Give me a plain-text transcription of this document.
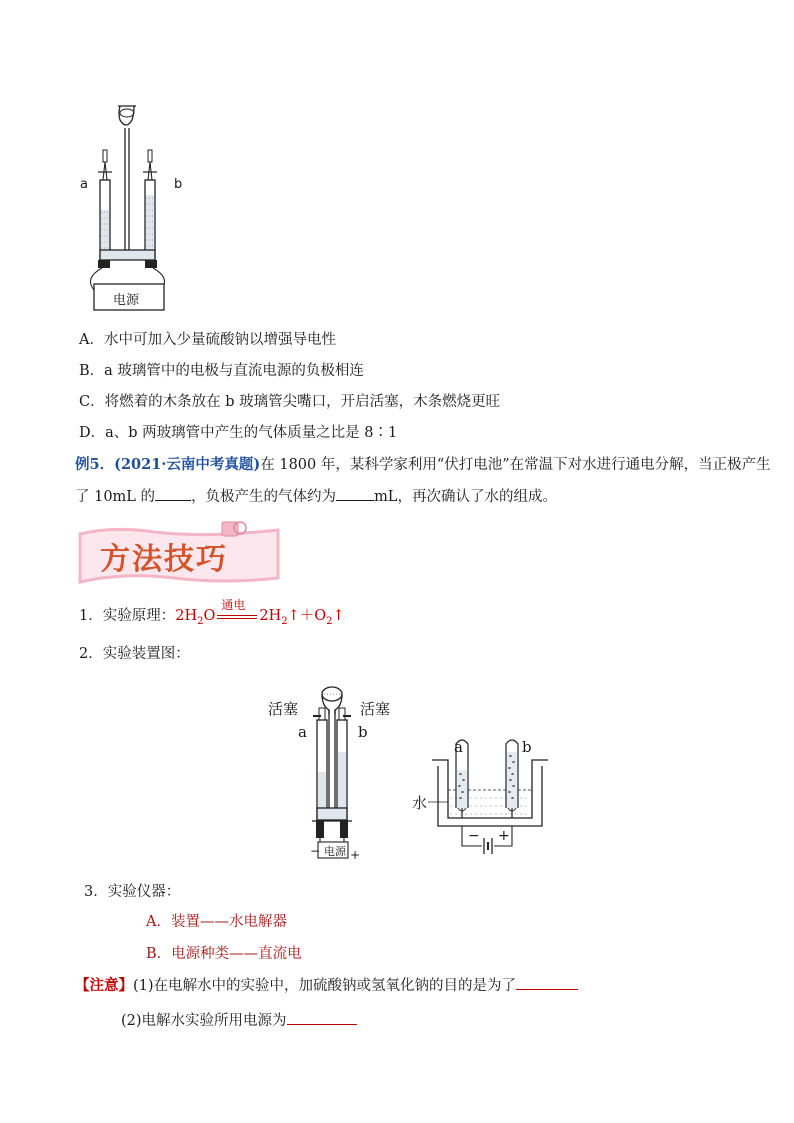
a	b
电源
A．水中可加入少量硫酸钠以增强导电性
B．a 玻璃管中的电极与直流电源的负极相连
C．将燃着的木条放在 b 玻璃管尖嘴口，开启活塞，木条燃烧更旺
D．a、b 两玻璃管中产生的气体质量之比是 8∶1
例5．(2021·云南中考真题)在 1800 年，某科学家利用“伏打电池”在常温下对水进行通电分解，当正极产生
了 10mL 的 ，负极产生的气体约为	mL，再次确认了水的组成。
方法技巧
1．实验原理：$2H_2O$
通电
$2H_2↑+O_2↑$
2．实验装置图：
活塞	活塞
a	b
电源
− +
a	b
水
− +
3．实验仪器：
A．装置——水电解器
B．电源种类——直流电
【注意】(1)在电解水中的实验中，加硫酸钠或氢氧化钠的目的是为了
(2)电解水实验所用电源为
